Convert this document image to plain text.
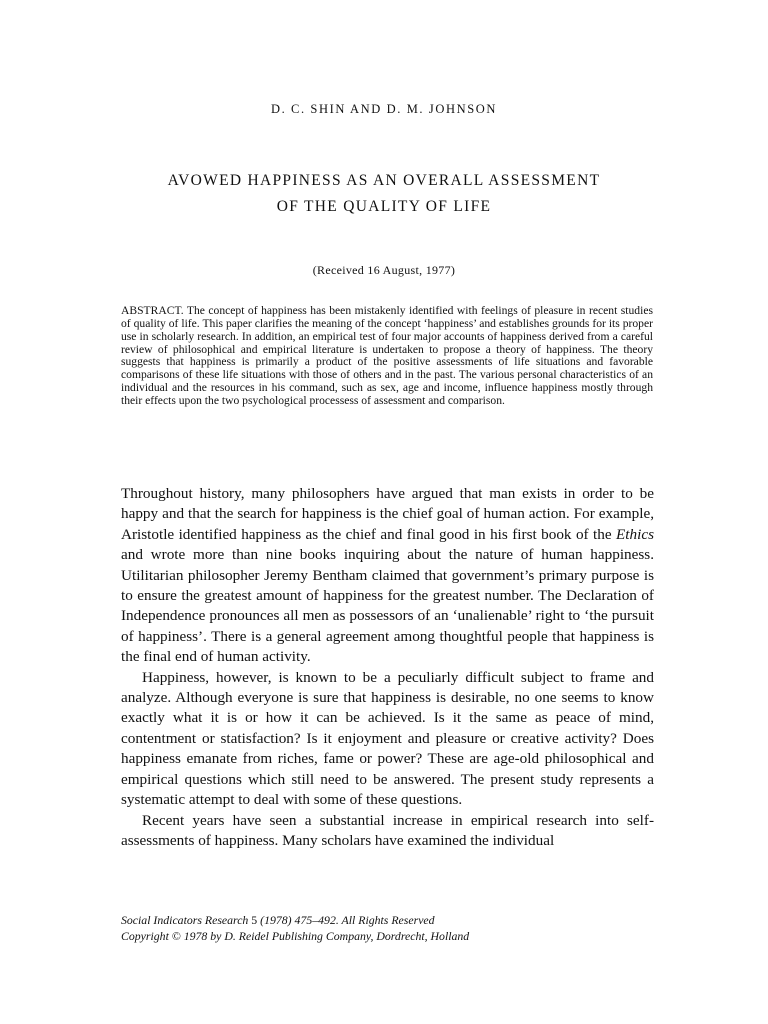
D. C. SHIN AND D. M. JOHNSON
AVOWED HAPPINESS AS AN OVERALL ASSESSMENT
OF THE QUALITY OF LIFE
(Received 16 August, 1977)
ABSTRACT. The concept of happiness has been mistakenly identified with feelings of pleasure in recent studies of quality of life. This paper clarifies the meaning of the concept ‘happiness’ and establishes grounds for its proper use in scholarly research. In addition, an empirical test of four major accounts of happiness derived from a careful review of philosophical and empirical literature is undertaken to propose a theory of happiness. The theory suggests that happiness is primarily a product of the positive assessments of life situations and favorable comparisons of these life situations with those of others and in the past. The various personal characteristics of an individual and the resources in his command, such as sex, age and income, influence happiness mostly through their effects upon the two psychological processess of assessment and comparison.

Throughout history, many philosophers have argued that man exists in order to be happy and that the search for happiness is the chief goal of human action. For example, Aristotle identified happiness as the chief and final good in his first book of the Ethics and wrote more than nine books inquiring about the nature of human happiness. Utilitarian philosopher Jeremy Bentham claimed that government’s primary purpose is to ensure the greatest amount of happiness for the greatest number. The Declaration of Independence pronounces all men as possessors of an ‘unalienable’ right to ‘the pursuit of happiness’. There is a general agreement among thoughtful people that happiness is the final end of human activity.

Happiness, however, is known to be a peculiarly difficult subject to frame and analyze. Although everyone is sure that happiness is desirable, no one seems to know exactly what it is or how it can be achieved. Is it the same as peace of mind, contentment or statisfaction? Is it enjoyment and pleasure or creative activity? Does happiness emanate from riches, fame or power? These are age-old philosophical and empirical questions which still need to be answered. The present study represents a systematic attempt to deal with some of these questions.

Recent years have seen a substantial increase in empirical research into self-assessments of happiness. Many scholars have examined the individual

Social Indicators Research 5 (1978) 475–492. All Rights Reserved
Copyright © 1978 by D. Reidel Publishing Company, Dordrecht, Holland
